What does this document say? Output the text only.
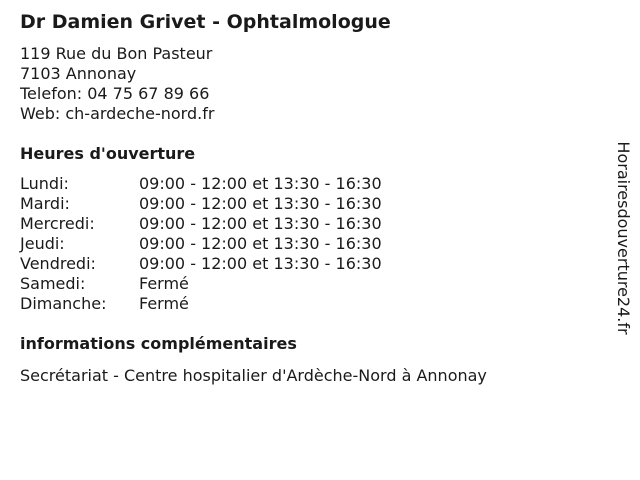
Dr Damien Grivet - Ophtalmologue
119 Rue du Bon Pasteur
7103 Annonay
Telefon: 04 75 67 89 66
Web: ch-ardeche-nord.fr
Heures d'ouverture
Lundi:	09:00 - 12:00 et 13:30 - 16:30
Mardi:	09:00 - 12:00 et 13:30 - 16:30
Mercredi:	09:00 - 12:00 et 13:30 - 16:30
Jeudi:	09:00 - 12:00 et 13:30 - 16:30
Vendredi:	09:00 - 12:00 et 13:30 - 16:30
Samedi:	Fermé
Dimanche:	Fermé
informations complémentaires
Secrétariat - Centre hospitalier d'Ardèche-Nord à Annonay
Horairesdouverture24.fr
